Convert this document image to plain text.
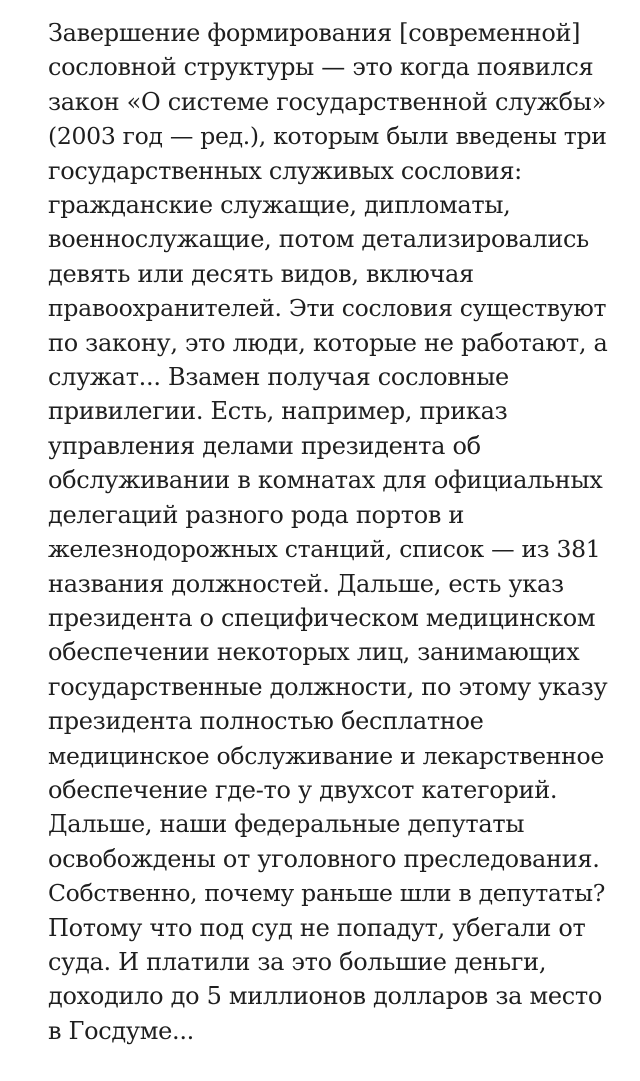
Завершение формирования [современной]
сословной структуры — это когда появился
закон «О системе государственной службы»
(2003 год — ред.), которым были введены три
государственных служивых сословия:
гражданские служащие, дипломаты,
военнослужащие, потом детализировались
девять или десять видов, включая
правоохранителей. Эти сословия существуют
по закону, это люди, которые не работают, а
служат... Взамен получая сословные
привилегии. Есть, например, приказ
управления делами президента об
обслуживании в комнатах для официальных
делегаций разного рода портов и
железнодорожных станций, список — из 381
названия должностей. Дальше, есть указ
президента о специфическом медицинском
обеспечении некоторых лиц, занимающих
государственные должности, по этому указу
президента полностью бесплатное
медицинское обслуживание и лекарственное
обеспечение где-то у двухсот категорий.
Дальше, наши федеральные депутаты
освобождены от уголовного преследования.
Собственно, почему раньше шли в депутаты?
Потому что под суд не попадут, убегали от
суда. И платили за это большие деньги,
доходило до 5 миллионов долларов за место
в Госдуме...
